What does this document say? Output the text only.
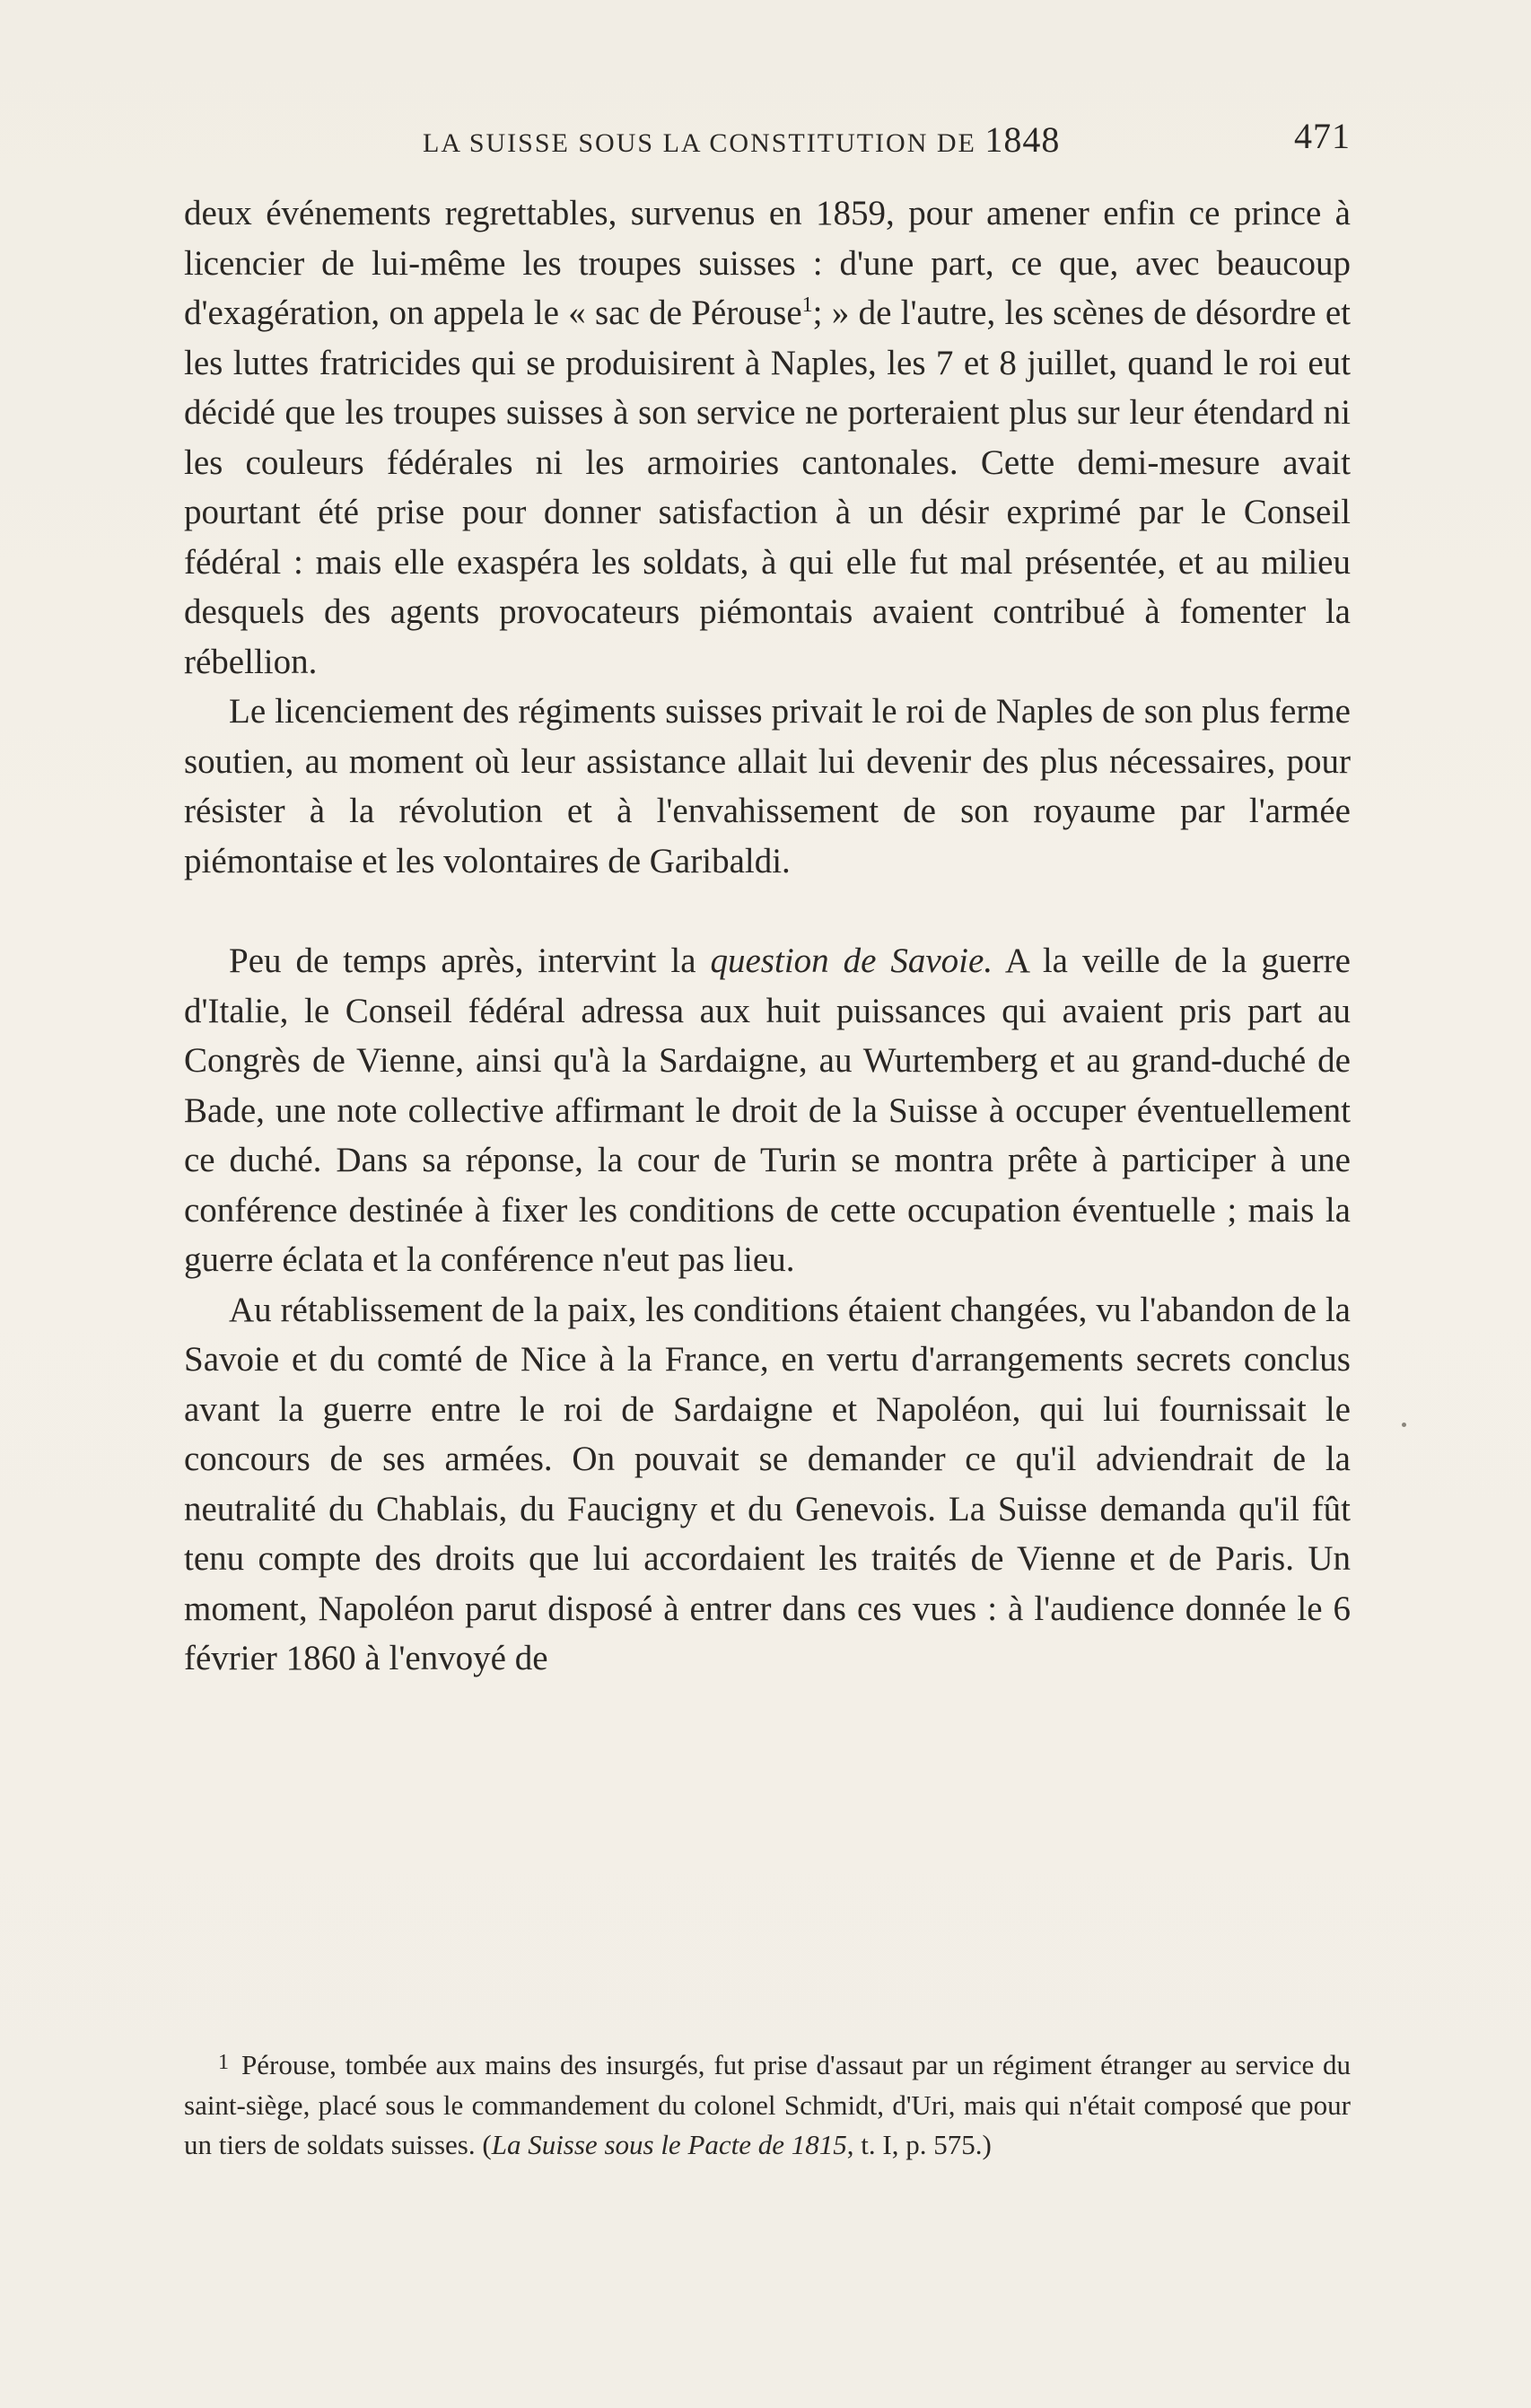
LA SUISSE SOUS LA CONSTITUTION DE 1848	471

deux événements regrettables, survenus en 1859, pour amener enfin ce prince à licencier de lui-même les troupes suisses : d'une part, ce que, avec beaucoup d'exagération, on appela le « sac de Pérouse$^1$; » de l'autre, les scènes de désordre et les luttes fratricides qui se produisirent à Naples, les 7 et 8 juillet, quand le roi eut décidé que les troupes suisses à son service ne porteraient plus sur leur étendard ni les couleurs fédérales ni les armoiries cantonales. Cette demi-mesure avait pourtant été prise pour donner satisfaction à un désir exprimé par le Conseil fédéral : mais elle exaspéra les soldats, à qui elle fut mal présentée, et au milieu desquels des agents provocateurs piémontais avaient contribué à fomenter la rébellion.

Le licenciement des régiments suisses privait le roi de Naples de son plus ferme soutien, au moment où leur assistance allait lui devenir des plus nécessaires, pour résister à la révolution et à l'envahissement de son royaume par l'armée piémontaise et les volontaires de Garibaldi.

Peu de temps après, intervint la question de Savoie. A la veille de la guerre d'Italie, le Conseil fédéral adressa aux huit puissances qui avaient pris part au Congrès de Vienne, ainsi qu'à la Sardaigne, au Wurtemberg et au grand-duché de Bade, une note collective affirmant le droit de la Suisse à occuper éventuellement ce duché. Dans sa réponse, la cour de Turin se montra prête à participer à une conférence destinée à fixer les conditions de cette occupation éventuelle ; mais la guerre éclata et la conférence n'eut pas lieu.

Au rétablissement de la paix, les conditions étaient changées, vu l'abandon de la Savoie et du comté de Nice à la France, en vertu d'arrangements secrets conclus avant la guerre entre le roi de Sardaigne et Napoléon, qui lui fournissait le concours de ses armées. On pouvait se demander ce qu'il adviendrait de la neutralité du Chablais, du Faucigny et du Genevois. La Suisse demanda qu'il fût tenu compte des droits que lui accordaient les traités de Vienne et de Paris. Un moment, Napoléon parut disposé à entrer dans ces vues : à l'audience donnée le 6 février 1860 à l'envoyé de

1 Pérouse, tombée aux mains des insurgés, fut prise d'assaut par un régiment étranger au service du saint-siège, placé sous le commandement du colonel Schmidt, d'Uri, mais qui n'était composé que pour un tiers de soldats suisses. (La Suisse sous le Pacte de 1815, t. I, p. 575.)
